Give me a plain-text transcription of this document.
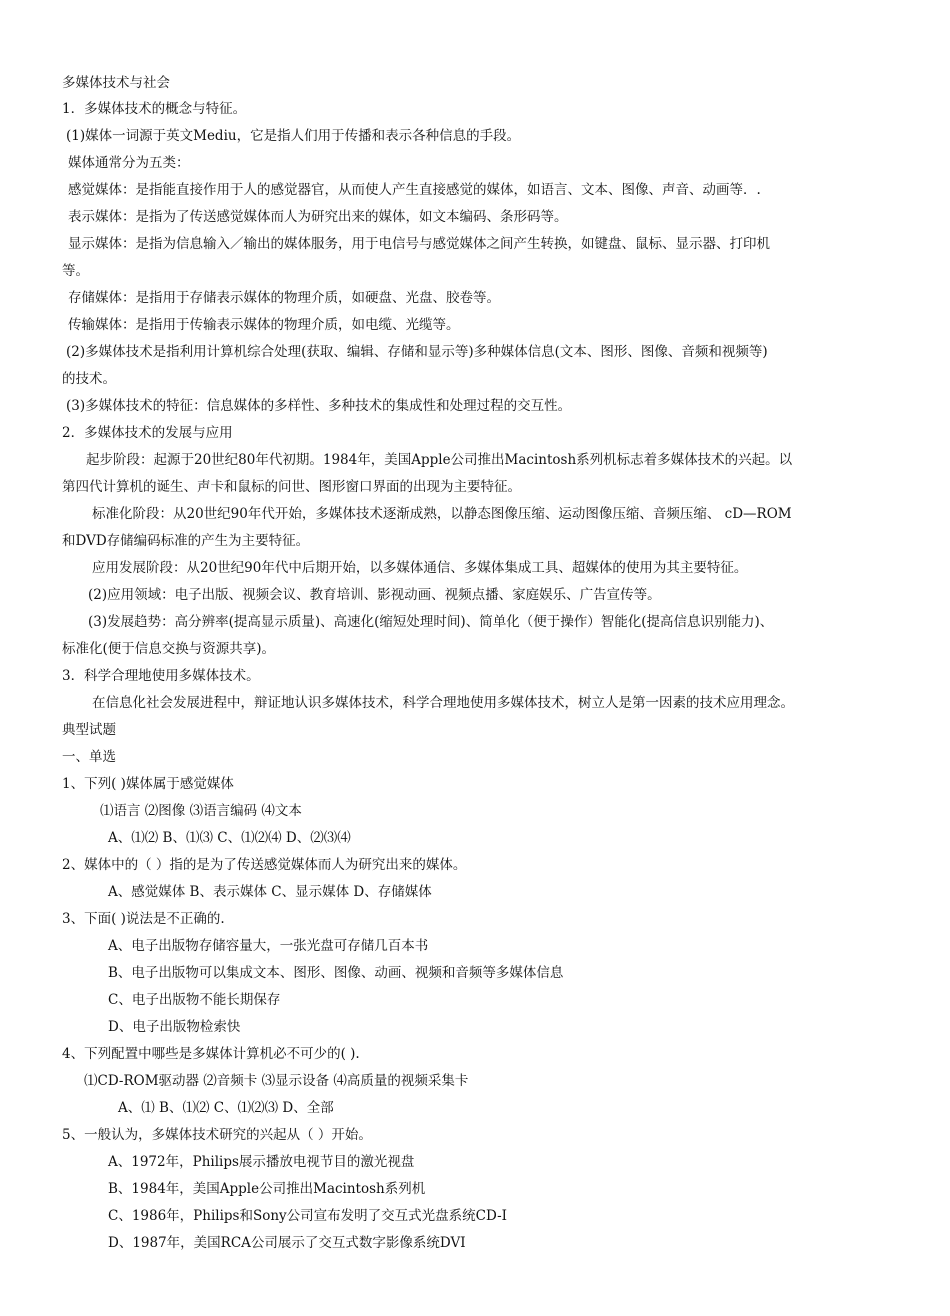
多媒体技术与社会

1．多媒体技术的概念与特征。

(1)媒体一词源于英文Mediu，它是指人们用于传播和表示各种信息的手段。

媒体通常分为五类：

感觉媒体：是指能直接作用于人的感觉器官，从而使人产生直接感觉的媒体，如语言、文本、图像、声音、动画等．.

表示媒体：是指为了传送感觉媒体而人为研究出来的媒体，如文本编码、条形码等。

显示媒体：是指为信息输入／输出的媒体服务，用于电信号与感觉媒体之间产生转换，如键盘、鼠标、显示器、打印机

等。

存储媒体：是指用于存储表示媒体的物理介质，如硬盘、光盘、胶卷等。

传输媒体：是指用于传输表示媒体的物理介质，如电缆、光缆等。

(2)多媒体技术是指利用计算机综合处理(获取、编辑、存储和显示等)多种媒体信息(文本、图形、图像、音频和视频等)

的技术。

(3)多媒体技术的特征：信息媒体的多样性、多种技术的集成性和处理过程的交互性。

2．多媒体技术的发展与应用

起步阶段：起源于20世纪80年代初期。1984年，美国Apple公司推出Macintosh系列机标志着多媒体技术的兴起。以

第四代计算机的诞生、声卡和鼠标的问世、图形窗口界面的出现为主要特征。

标准化阶段：从20世纪90年代开始，多媒体技术逐渐成熟，以静态图像压缩、运动图像压缩、音频压缩、 cD—ROM

和DVD存储编码标准的产生为主要特征。

应用发展阶段：从20世纪90年代中后期开始，以多媒体通信、多媒体集成工具、超媒体的使用为其主要特征。

(2)应用领域：电子出版、视频会议、教育培训、影视动画、视频点播、家庭娱乐、广告宣传等。

(3)发展趋势：高分辨率(提高显示质量)、高速化(缩短处理时间)、简单化（便于操作）智能化(提高信息识别能力)、

标准化(便于信息交换与资源共享)。

3．科学合理地使用多媒体技术。

在信息化社会发展进程中，辩证地认识多媒体技术，科学合理地使用多媒体技术，树立人是第一因素的技术应用理念。

典型试题

一、单选

1、下列( )媒体属于感觉媒体

⑴语言 ⑵图像 ⑶语言编码 ⑷文本

A、⑴⑵ B、⑴⑶ C、⑴⑵⑷ D、⑵⑶⑷

2、媒体中的（ ）指的是为了传送感觉媒体而人为研究出来的媒体。

A、感觉媒体 B、表示媒体 C、显示媒体 D、存储媒体

3、下面( )说法是不正确的.

A、电子出版物存储容量大，一张光盘可存储几百本书

B、电子出版物可以集成文本、图形、图像、动画、视频和音频等多媒体信息

C、电子出版物不能长期保存

D、电子出版物检索快

4、下列配置中哪些是多媒体计算机必不可少的( ).

⑴CD-ROM驱动器 ⑵音频卡 ⑶显示设备 ⑷高质量的视频采集卡

A、⑴ B、⑴⑵ C、⑴⑵⑶ D、全部

5、一般认为，多媒体技术研究的兴起从（ ）开始。

A、1972年，Philips展示播放电视节目的激光视盘

B、1984年，美国Apple公司推出Macintosh系列机

C、1986年，Philips和Sony公司宣布发明了交互式光盘系统CD-I

D、1987年，美国RCA公司展示了交互式数字影像系统DVI
